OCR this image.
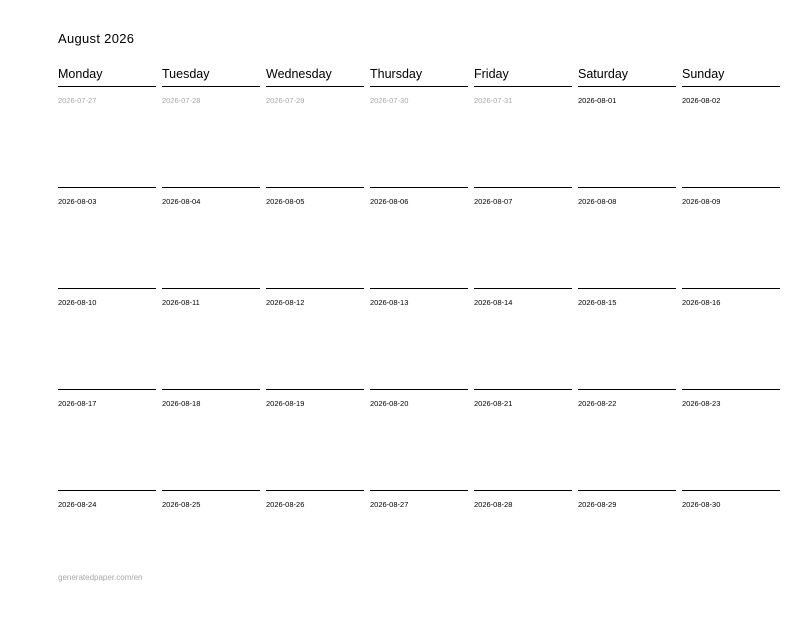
August 2026
Monday	Tuesday	Wednesday	Thursday	Friday	Saturday	Sunday
2026-07-27	2026-07-28	2026-07-29	2026-07-30	2026-07-31	2026-08-01	2026-08-02
2026-08-03	2026-08-04	2026-08-05	2026-08-06	2026-08-07	2026-08-08	2026-08-09
2026-08-10	2026-08-11	2026-08-12	2026-08-13	2026-08-14	2026-08-15	2026-08-16
2026-08-17	2026-08-18	2026-08-19	2026-08-20	2026-08-21	2026-08-22	2026-08-23
2026-08-24	2026-08-25	2026-08-26	2026-08-27	2026-08-28	2026-08-29	2026-08-30
generatedpaper.com/en
